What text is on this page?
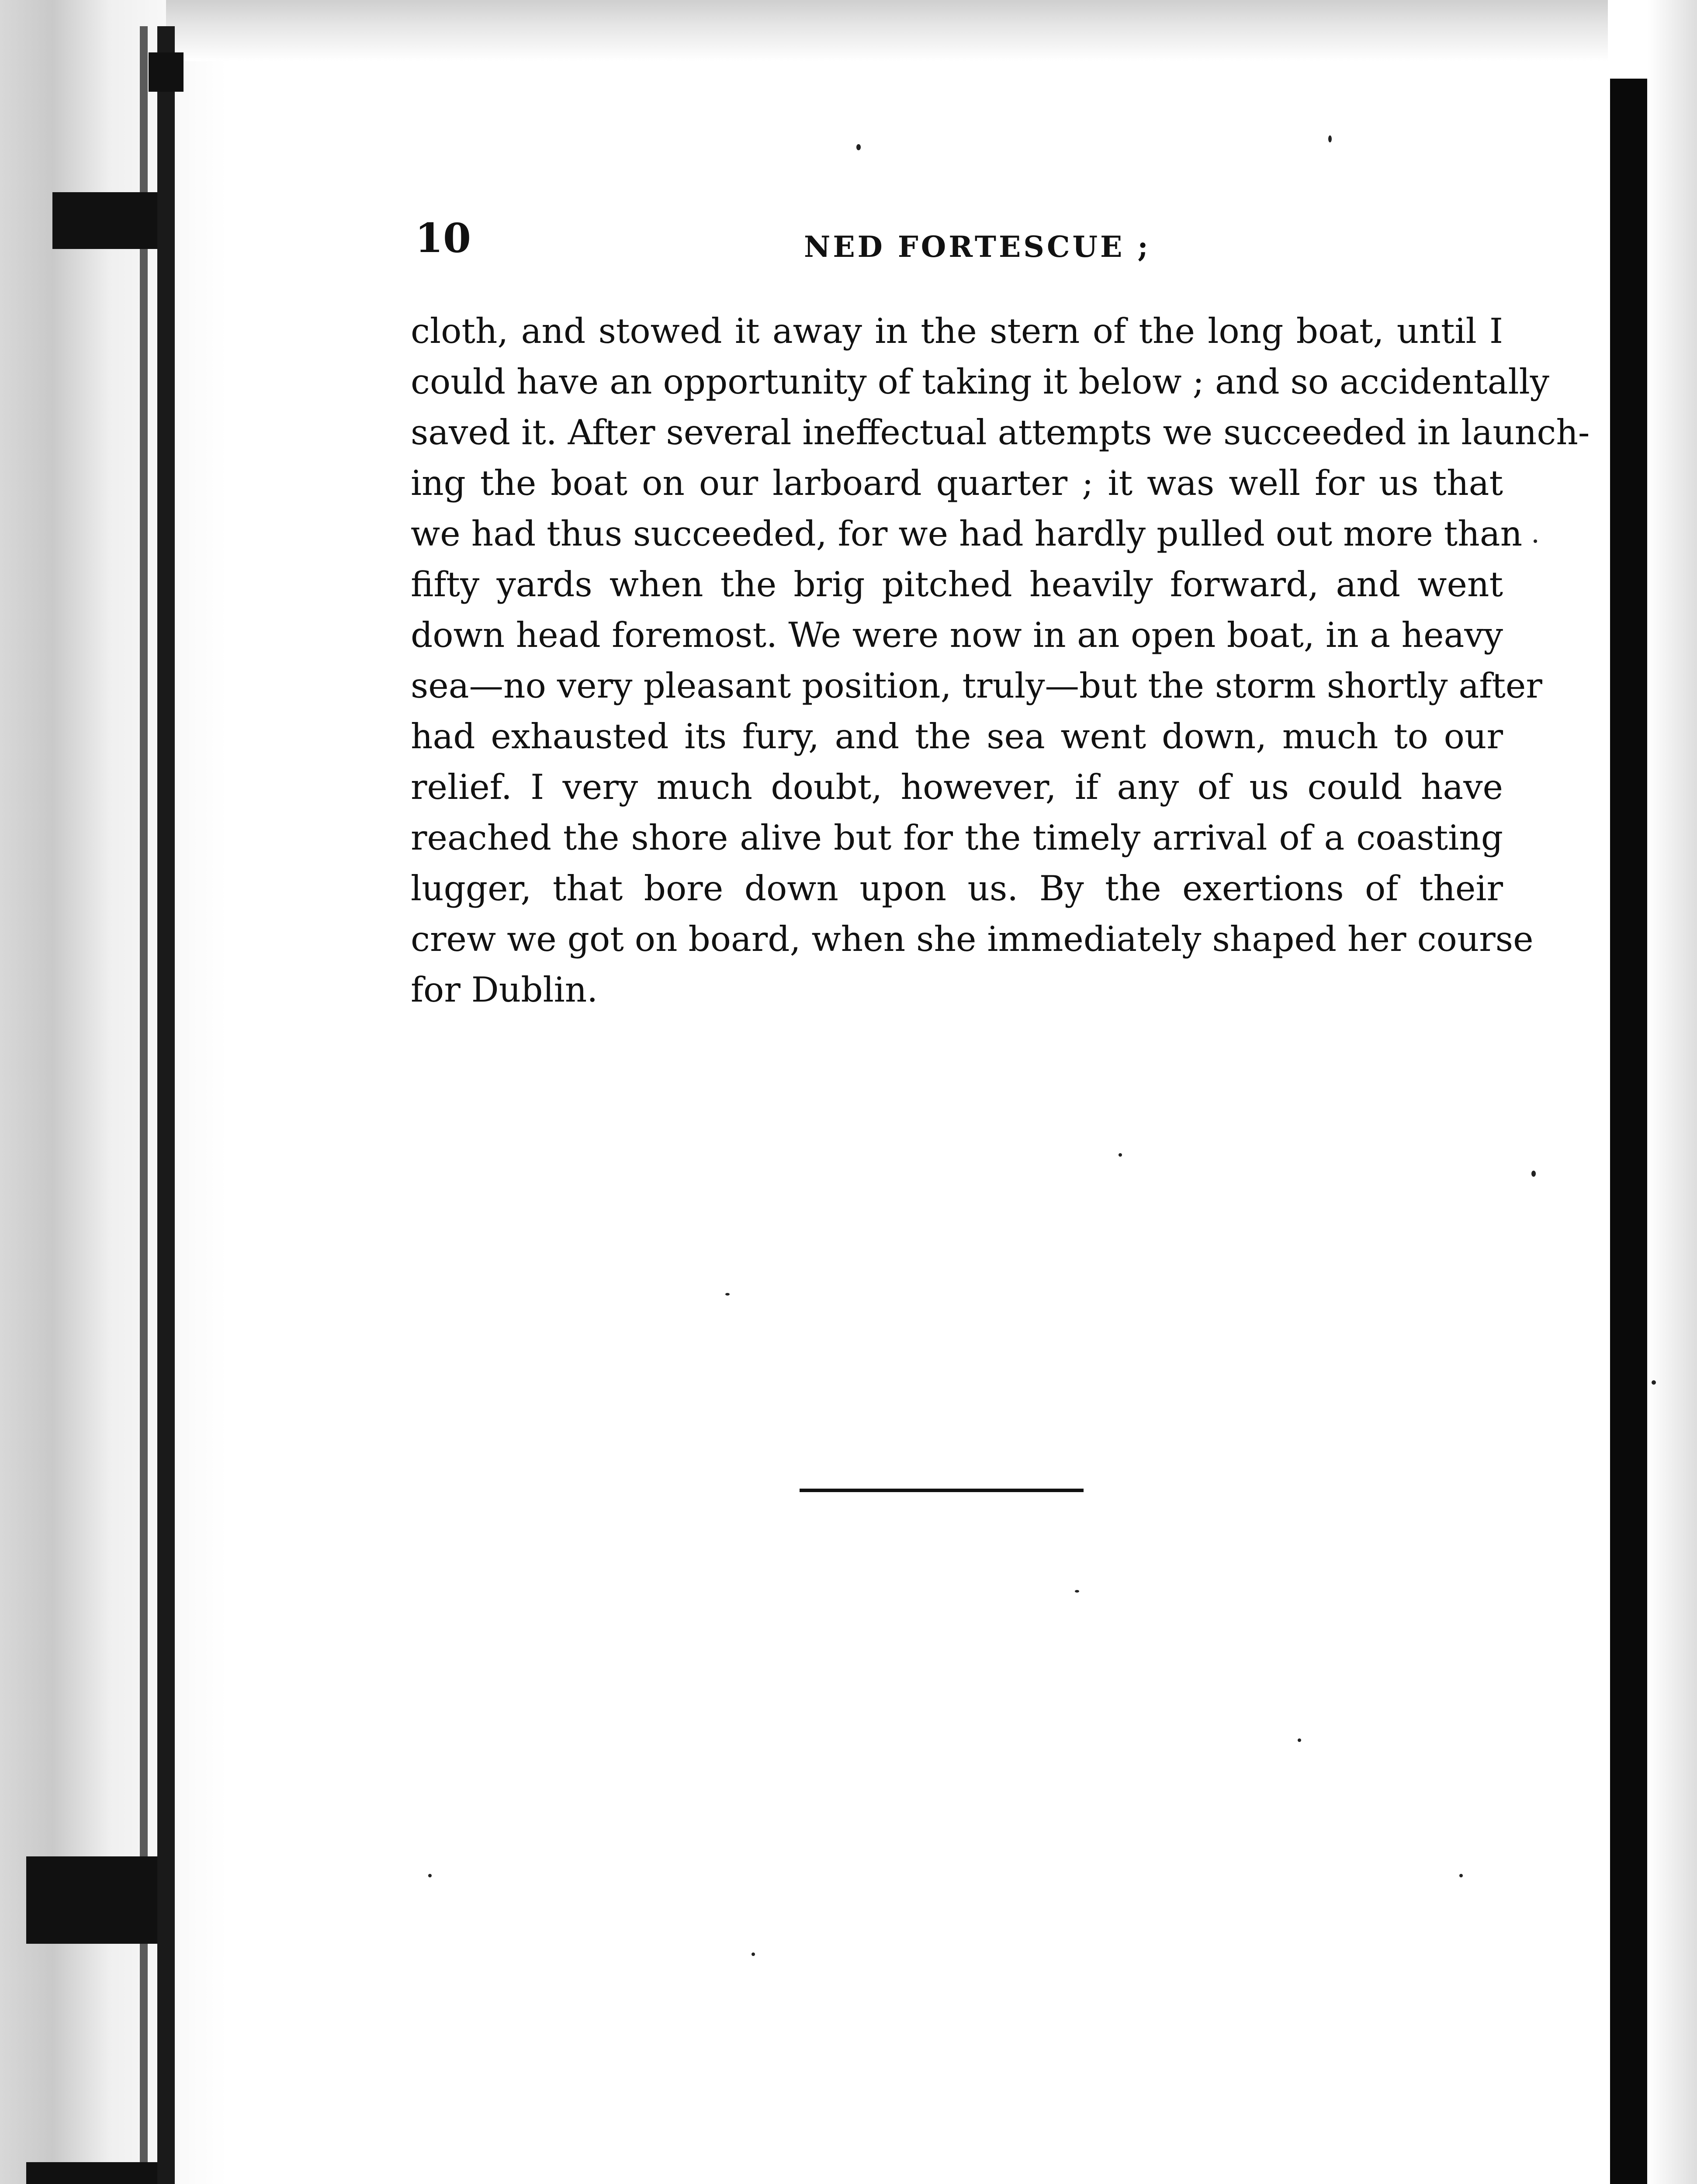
10	NED FORTESCUE ;
cloth, and stowed it away in the stern of the long boat, until I
could have an opportunity of taking it below ; and so accidentally
saved it. After several ineffectual attempts we succeeded in launch-
ing the boat on our larboard quarter ; it was well for us that
we had thus succeeded, for we had hardly pulled out more than
fifty yards when the brig pitched heavily forward, and went
down head foremost. We were now in an open boat, in a heavy
sea—no very pleasant position, truly—but the storm shortly after
had exhausted its fury, and the sea went down, much to our
relief. I very much doubt, however, if any of us could have
reached the shore alive but for the timely arrival of a coasting
lugger, that bore down upon us. By the exertions of their
crew we got on board, when she immediately shaped her course
for Dublin.
